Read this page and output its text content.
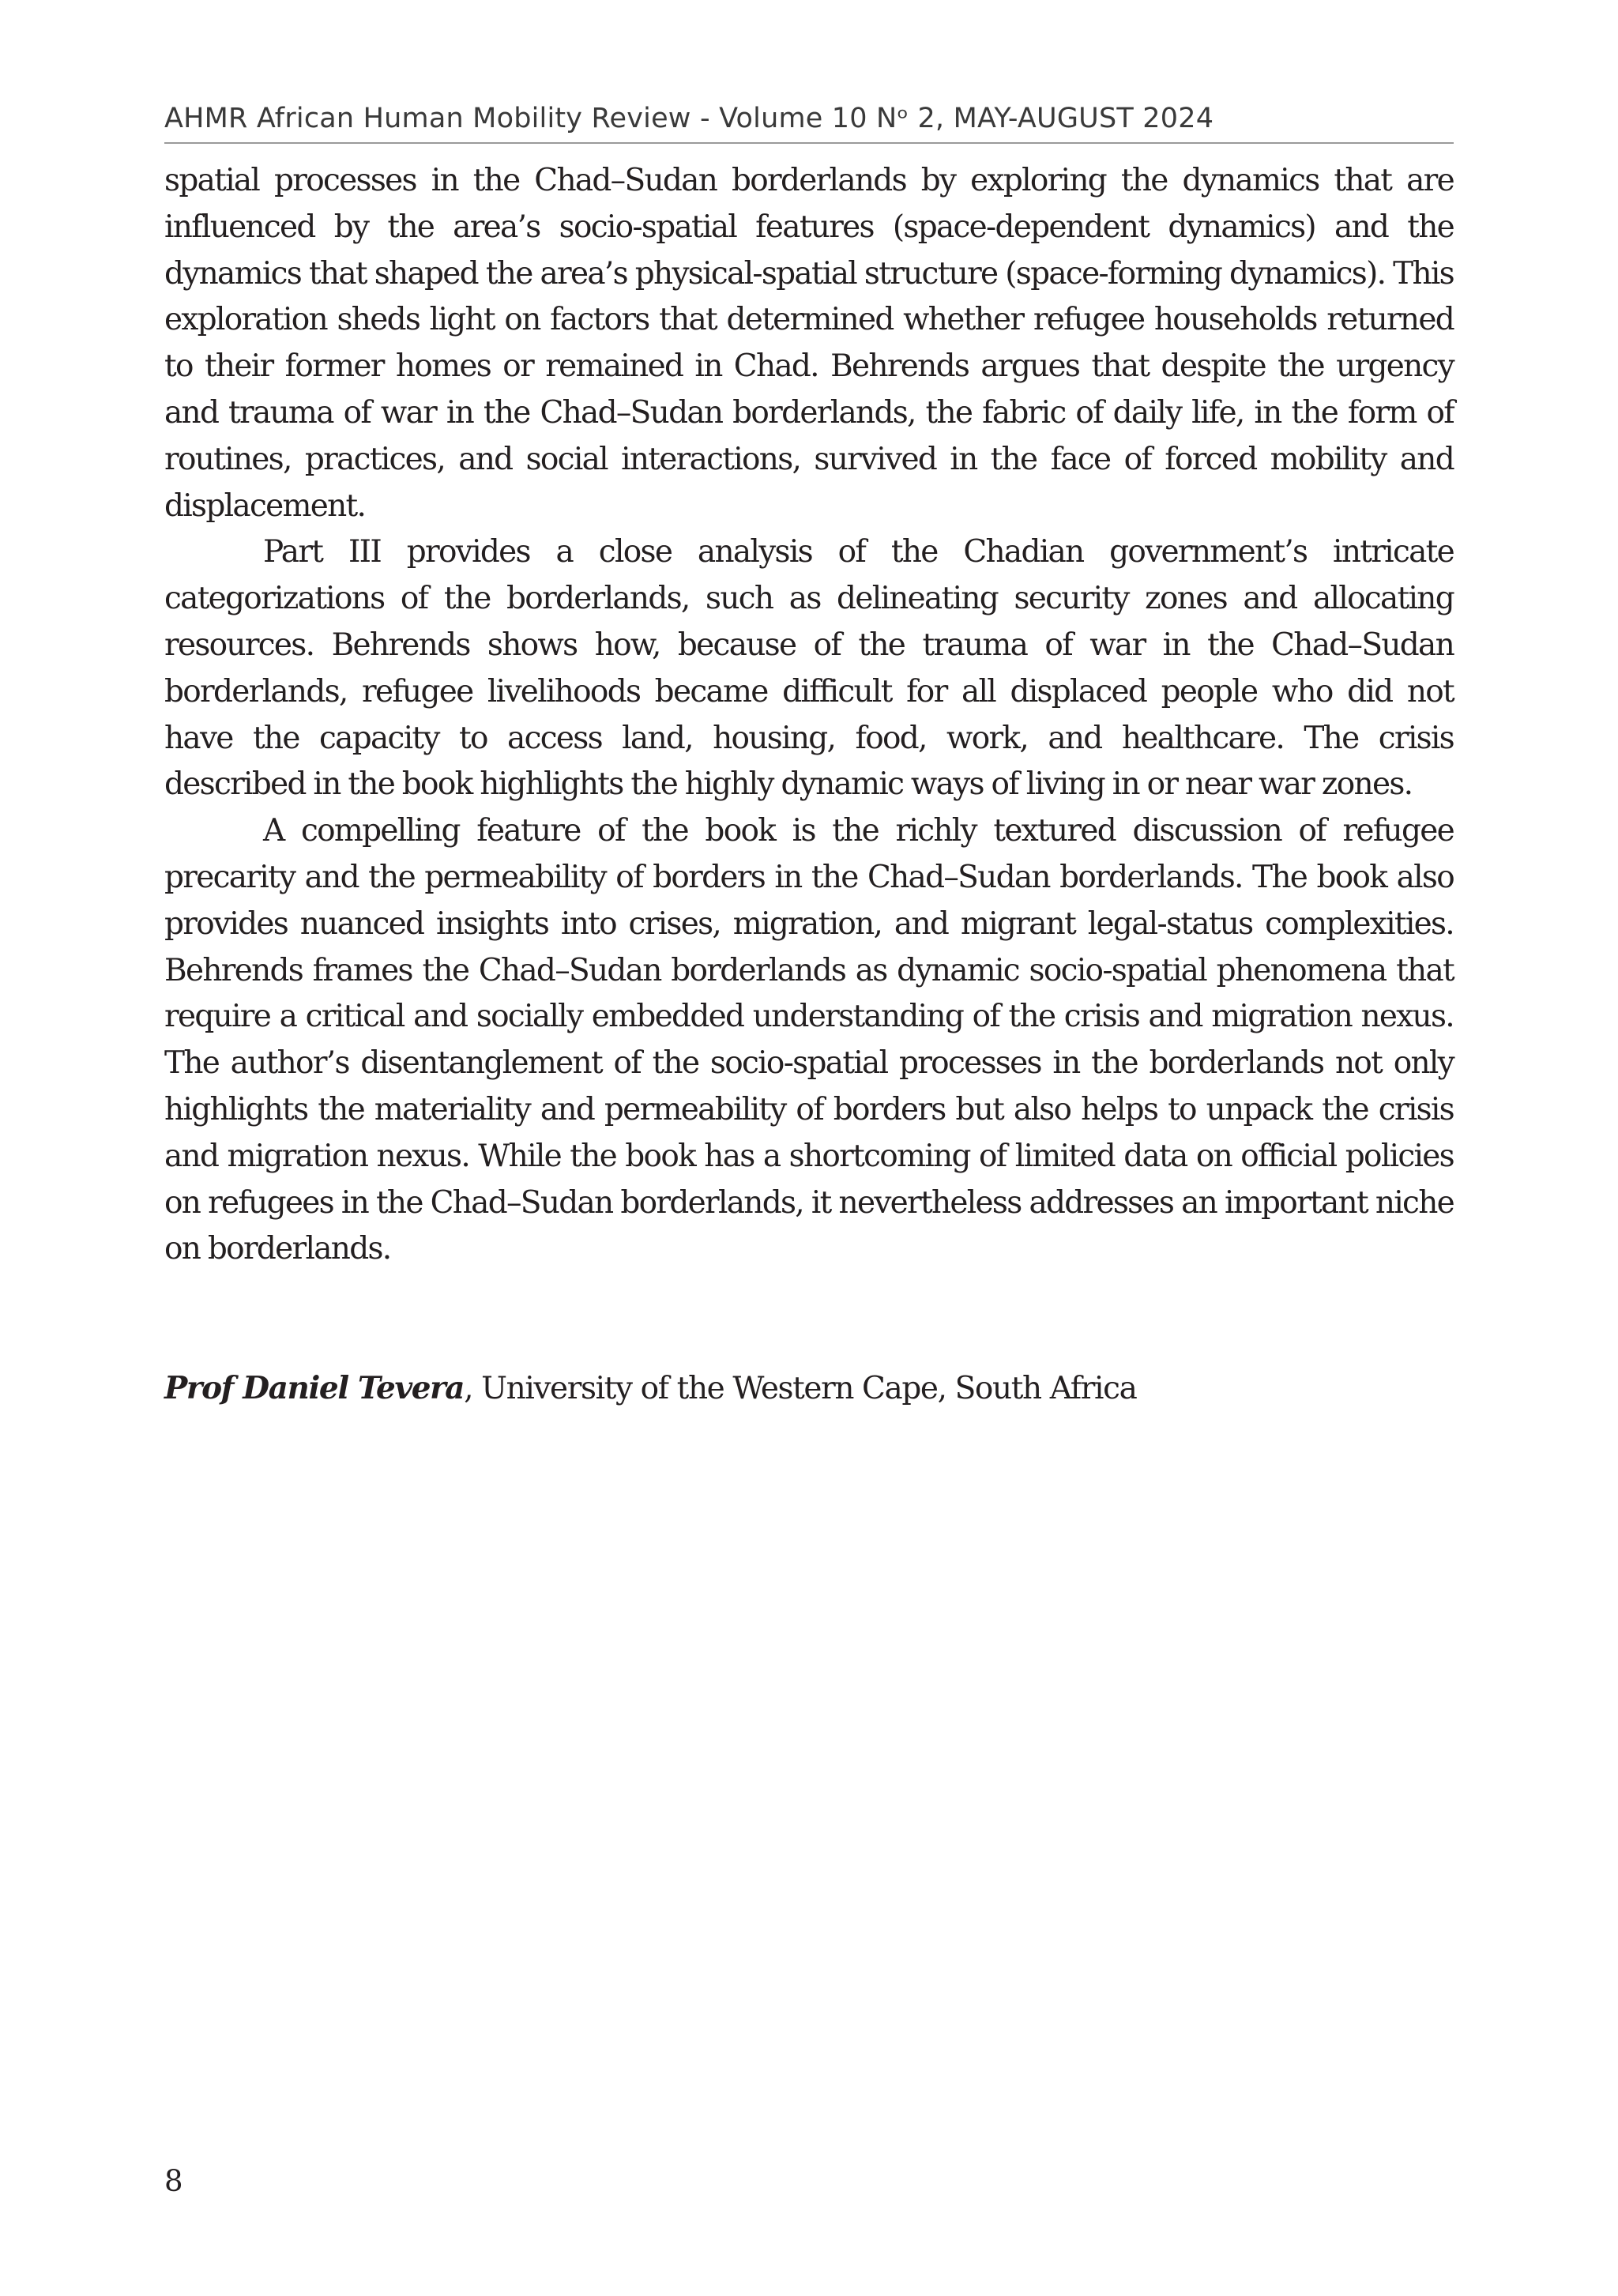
AHMR African Human Mobility Review - Volume 10 Nᵒ 2, MAY-AUGUST 2024

spatial processes in the Chad–Sudan borderlands by exploring the dynamics that are influenced by the area’s socio-spatial features (space-dependent dynamics) and the dynamics that shaped the area’s physical-spatial structure (space-forming dynamics). This exploration sheds light on factors that determined whether refugee households returned to their former homes or remained in Chad. Behrends argues that despite the urgency and trauma of war in the Chad–Sudan borderlands, the fabric of daily life, in the form of routines, practices, and social interactions, survived in the face of forced mobility and displacement.

Part III provides a close analysis of the Chadian government’s intricate categorizations of the borderlands, such as delineating security zones and allocating resources. Behrends shows how, because of the trauma of war in the Chad–Sudan borderlands, refugee livelihoods became difficult for all displaced people who did not have the capacity to access land, housing, food, work, and healthcare. The crisis described in the book highlights the highly dynamic ways of living in or near war zones.

A compelling feature of the book is the richly textured discussion of refugee precarity and the permeability of borders in the Chad–Sudan borderlands. The book also provides nuanced insights into crises, migration, and migrant legal-status complexities. Behrends frames the Chad–Sudan borderlands as dynamic socio-spatial phenomena that require a critical and socially embedded understanding of the crisis and migration nexus. The author’s disentanglement of the socio-spatial processes in the borderlands not only highlights the materiality and permeability of borders but also helps to unpack the crisis and migration nexus. While the book has a shortcoming of limited data on official policies on refugees in the Chad–Sudan borderlands, it nevertheless addresses an important niche on borderlands.

Prof Daniel Tevera, University of the Western Cape, South Africa
8
